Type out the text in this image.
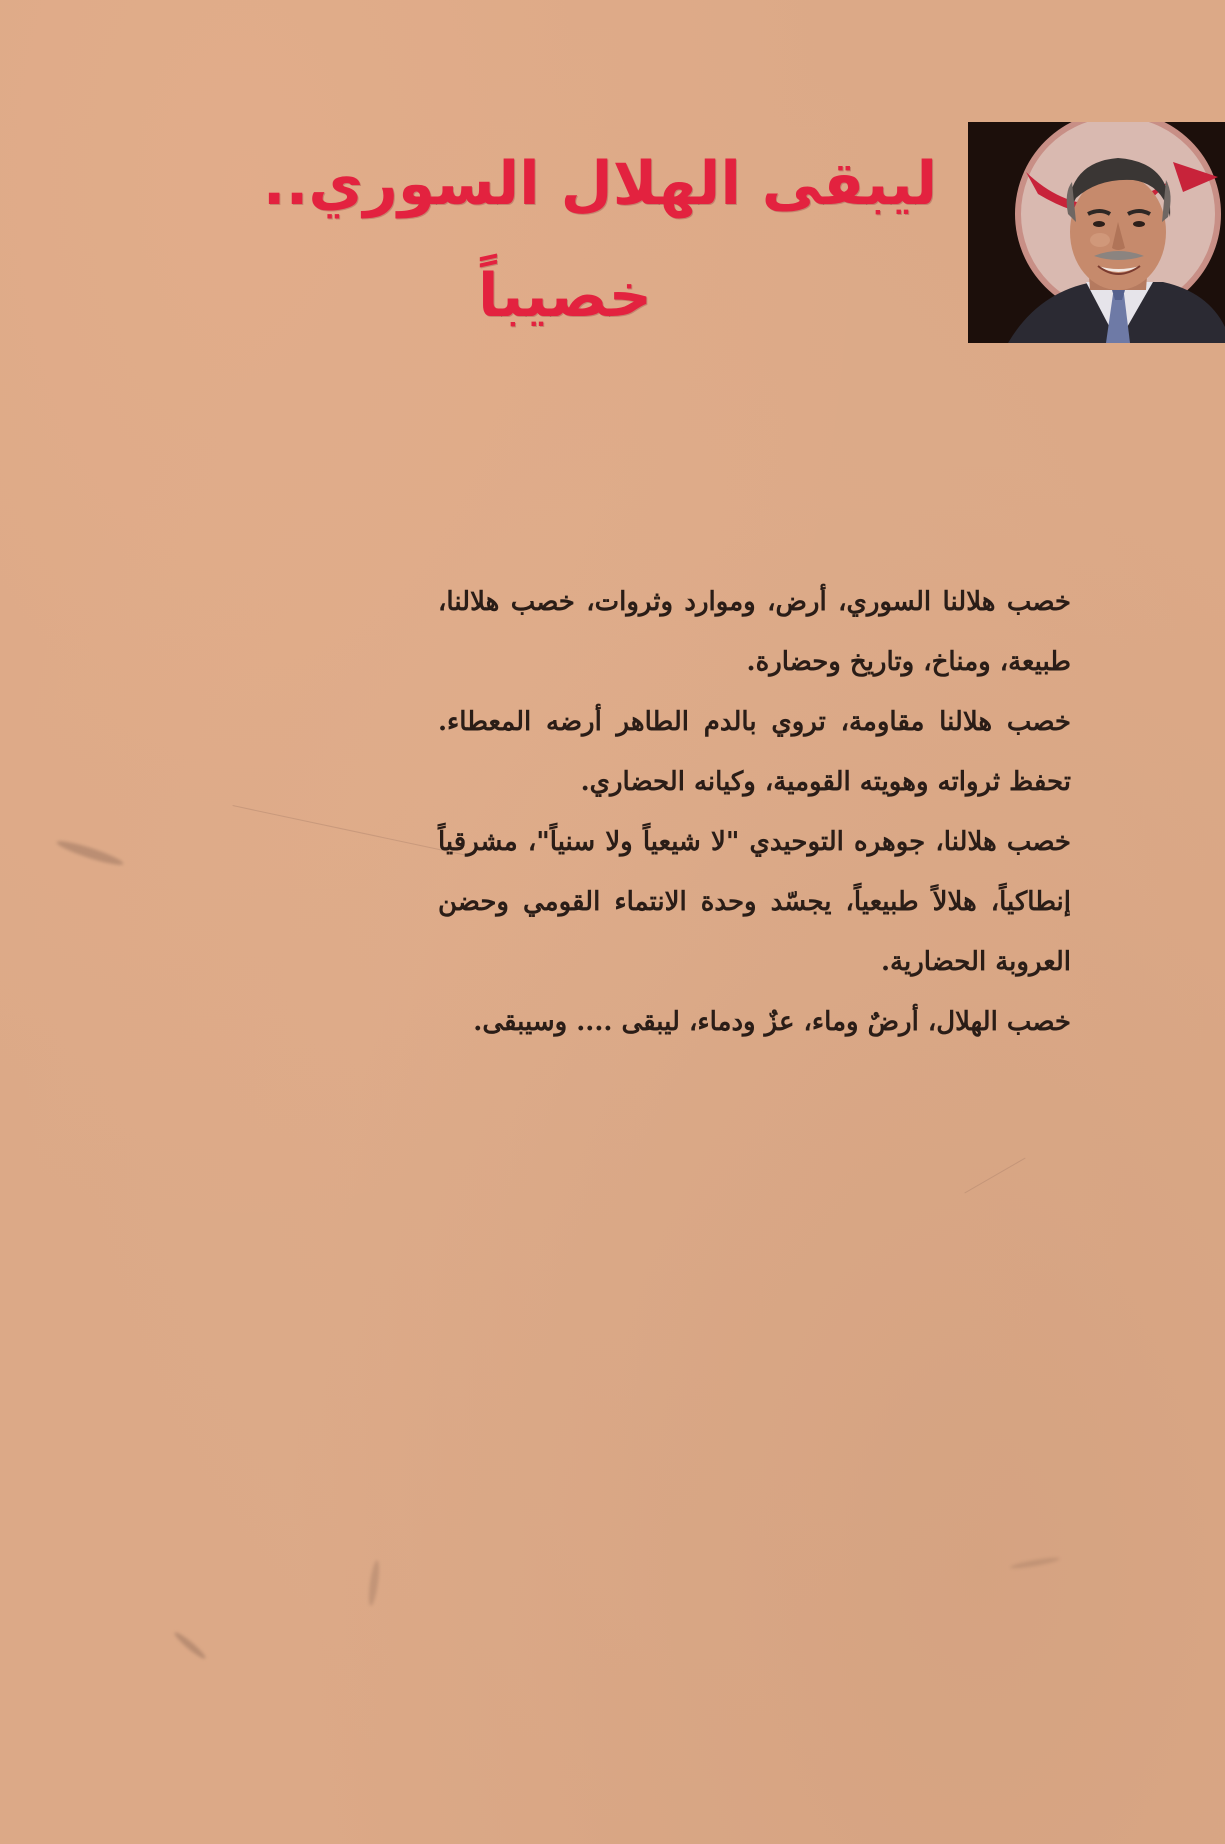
ليبقى الهلال السوري..
خصيباً

خصب هلالنا السوري، أرض، وموارد وثروات، خصب هلالنا، طبيعة، ومناخ، وتاريخ وحضارة.

خصب هلالنا مقاومة، تروي بالدم الطاهر أرضه المعطاء. تحفظ ثرواته وهويته القومية، وكيانه الحضاري.

خصب هلالنا، جوهره التوحيدي "لا شيعياً ولا سنياً"، مشرقياً إنطاكياً، هلالاً طبيعياً، يجسّد وحدة الانتماء القومي وحضن العروبة الحضارية.

خصب الهلال، أرضٌ وماء، عزٌ ودماء، ليبقى .... وسيبقى.
